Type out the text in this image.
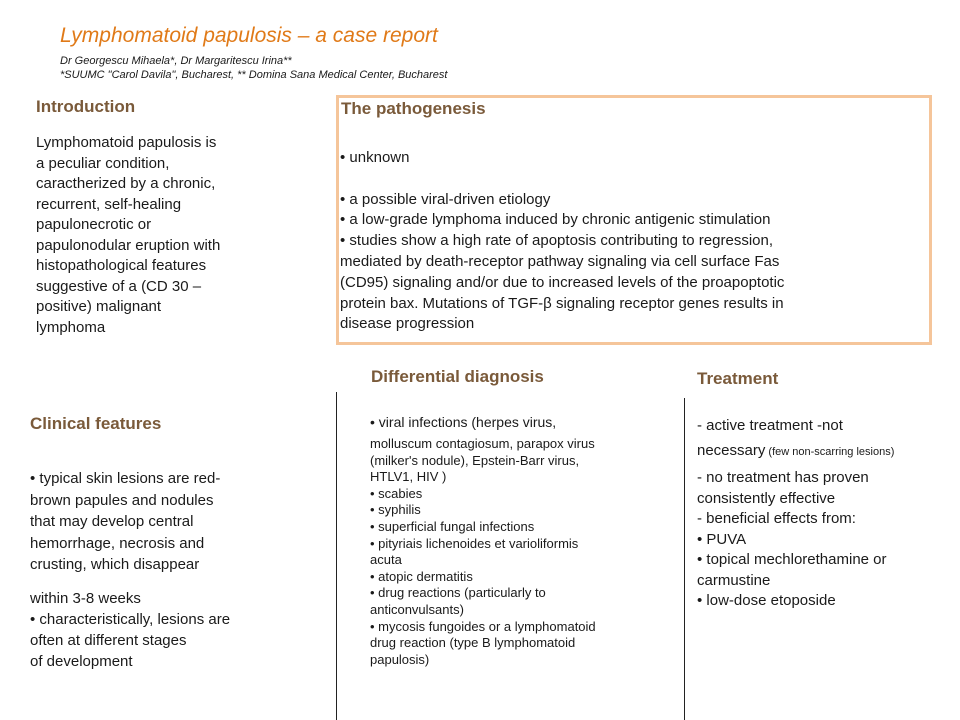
Lymphomatoid papulosis – a case report
Dr Georgescu Mihaela*, Dr Margaritescu Irina**
*SUUMC "Carol Davila", Bucharest, ** Domina Sana Medical Center, Bucharest
Introduction
Lymphomatoid papulosis is
a peculiar condition,
caractherized by a chronic,
recurrent, self-healing
papulonecrotic or
papulonodular eruption with
histopathological features
suggestive of a (CD 30 –
positive) malignant
lymphoma
The pathogenesis
• unknown

• a possible viral-driven etiology
• a low-grade lymphoma induced by chronic antigenic stimulation
• studies show a high rate of apoptosis contributing to regression,
mediated by death-receptor pathway signaling via cell surface Fas
(CD95) signaling and/or due to increased levels of the proapoptotic
protein bax. Mutations of TGF-β signaling receptor genes results in
disease progression
Differential diagnosis
• viral infections (herpes virus,
molluscum contagiosum, parapox virus
(milker's nodule), Epstein-Barr virus,
HTLV1, HIV )
• scabies
• syphilis
• superficial fungal infections
• pityriais lichenoides et varioliformis
acuta
• atopic dermatitis
• drug reactions (particularly to
anticonvulsants)
• mycosis fungoides or a lymphomatoid
drug reaction (type B lymphomatoid
papulosis)
Treatment
- active treatment -not
necessary (few non-scarring lesions)
- no treatment has proven
consistently effective
- beneficial effects from:
• PUVA
• topical mechlorethamine or
carmustine
• low-dose etoposide
Clinical features
• typical skin lesions are red-
brown papules and nodules
that may develop central
hemorrhage, necrosis and
crusting, which disappear
within 3-8 weeks
• characteristically, lesions are
often at different stages
of development
